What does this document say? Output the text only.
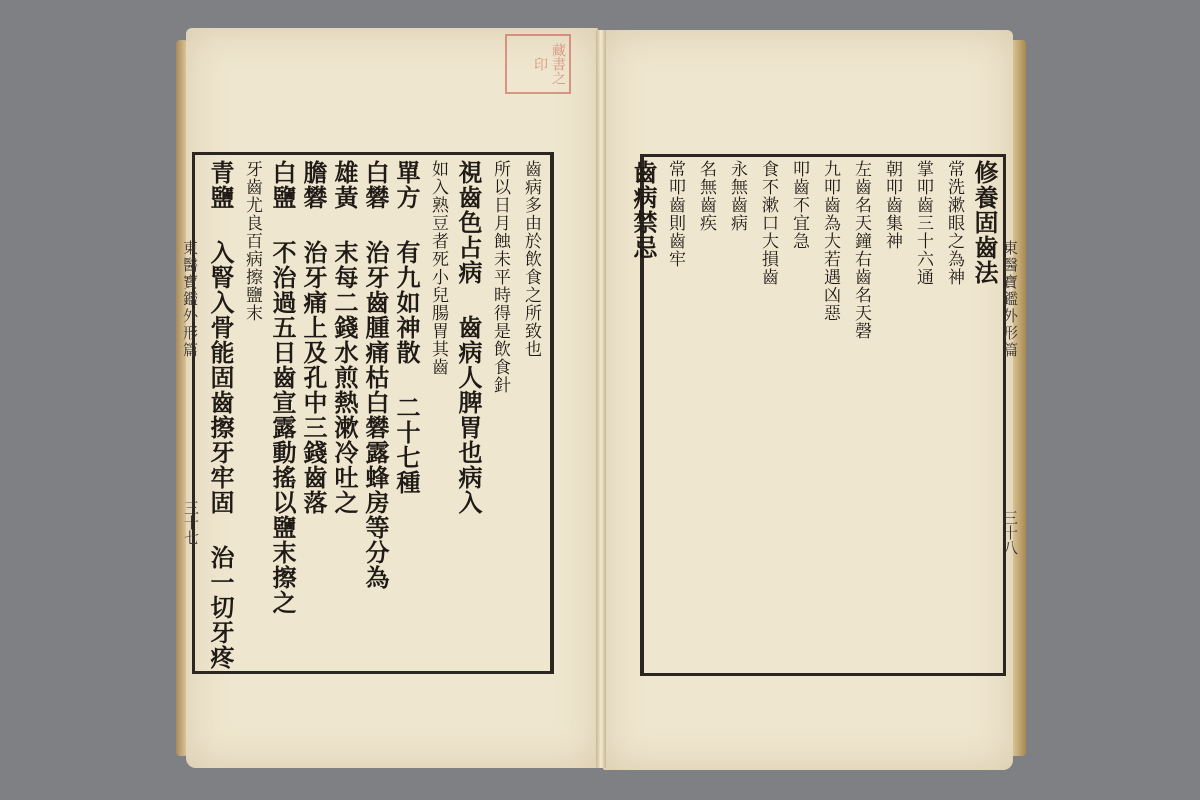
藏書之印
東醫寶鑑外形篇
三十七
東醫寶鑑外形篇
三十八
齒病多由於飲食之所致也
所以日月蝕未平時得是飲食針
視齒色占病 齒病人脾胃也病入
如入熟豆者死小兒腸胃其齒
單方 有九如神散 二十七種
白礬 治牙齒腫痛枯白礬露蜂房等分為
雄黃 末每二錢水煎熱漱冷吐之
膽礬 治牙痛上及孔中三錢齒落
白鹽 不治過五日齒宣露動搖以鹽末擦之
牙齒尤良百病擦鹽末
青鹽 入腎入骨能固齒擦牙牢固 治一切牙疼	修養固齒法
常洗漱眼之為神
掌叩齒三十六通
朝叩齒集神
左齒名天鐘右齒名天磬
九叩齒為大若遇凶惡
叩齒不宜急
食不漱口大損齒
永無齒病
名無齒疾
常叩齒則齒牢
齒病禁忌
